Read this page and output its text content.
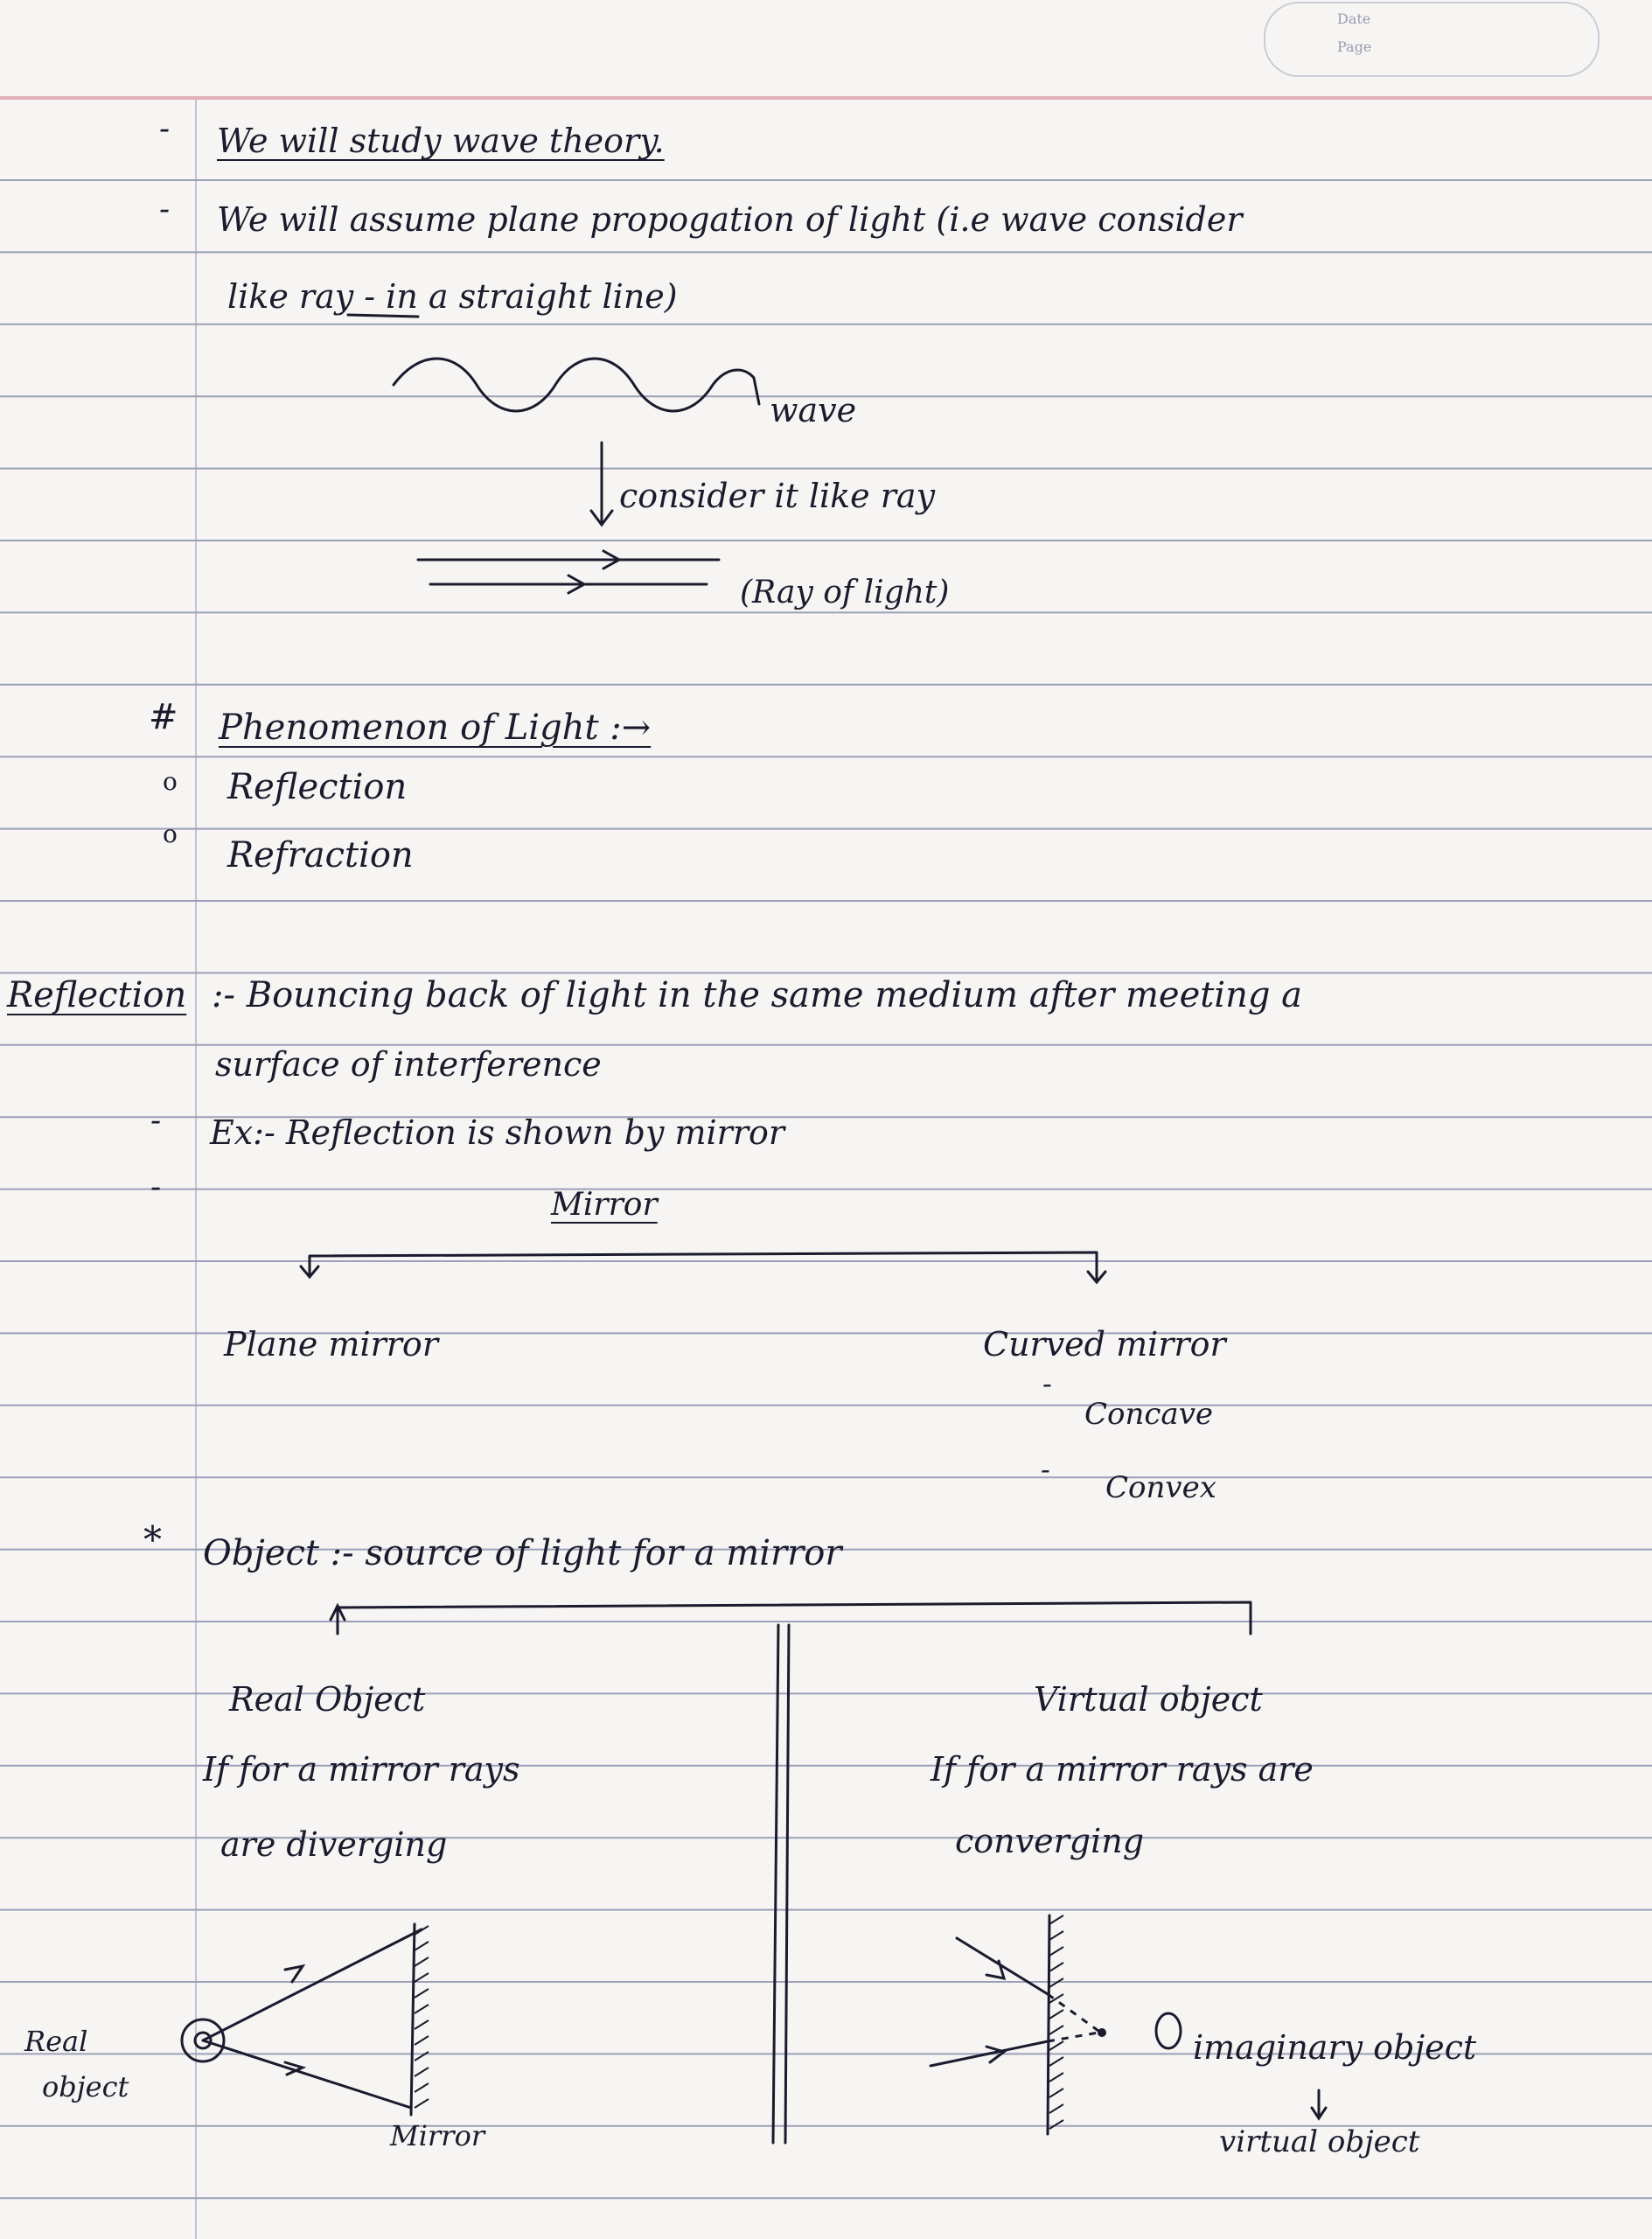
Date
Page
- We will study wave theory.
- We will assume plane propogation of light (i.e wave consider
like ray - in a straight line)
wave
consider it like ray
(Ray of light)
# Phenomenon of Light :→
o Reflection
o
Refraction
Reflection :- Bouncing back of light in the same medium after meeting a
surface of interference
- Ex:- Reflection is shown by mirror
-	Mirror
Plane mirror	Curved mirror
-
Concave
-
Convex
* Object :- source of light for a mirror
Real Object
If for a mirror rays
are diverging
Virtual object
If for a mirror rays are
converging
Real
object
Mirror
imaginary object
virtual object
